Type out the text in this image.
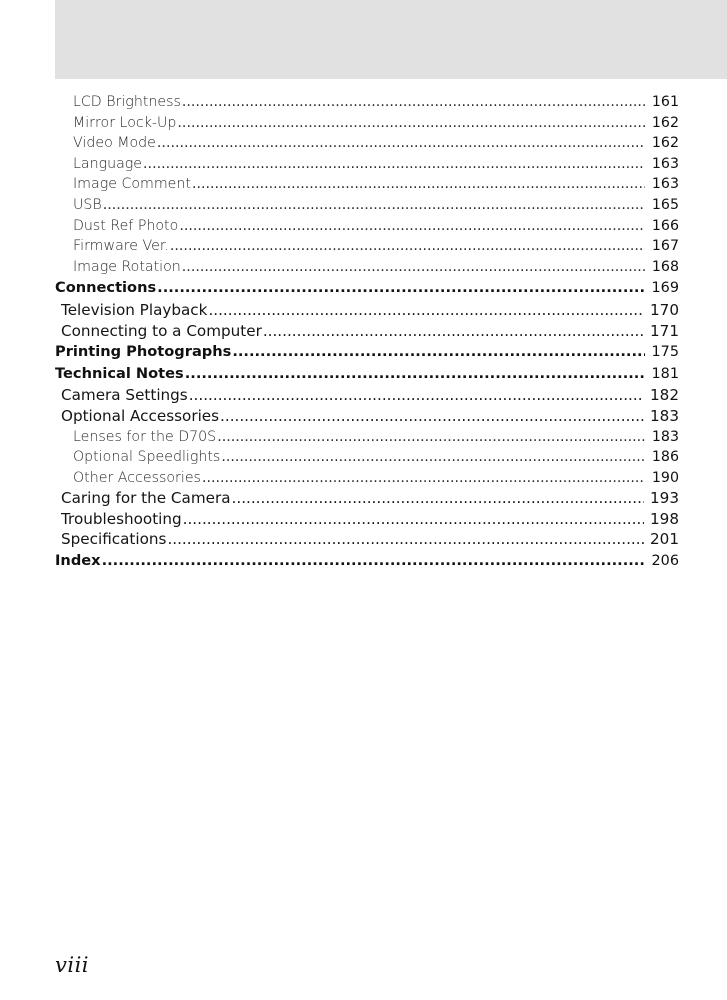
LCD Brightness .....	161
Mirror Lock-Up .....	162
Video Mode .....	162
Language .....	163
Image Comment .....	163
USB .....	165
Dust Ref Photo .....	166
Firmware Ver. .....	167
Image Rotation .....	168
Connections .....	169
Television Playback .....	170
Connecting to a Computer .....	171
Printing Photographs .....	175
Technical Notes .....	181
Camera Settings .....	182
Optional Accessories .....	183
Lenses for the D70S .....	183
Optional Speedlights .....	186
Other Accessories .....	190
Caring for the Camera .....	193
Troubleshooting .....	198
Specifications .....	201
Index .....	206
viii
